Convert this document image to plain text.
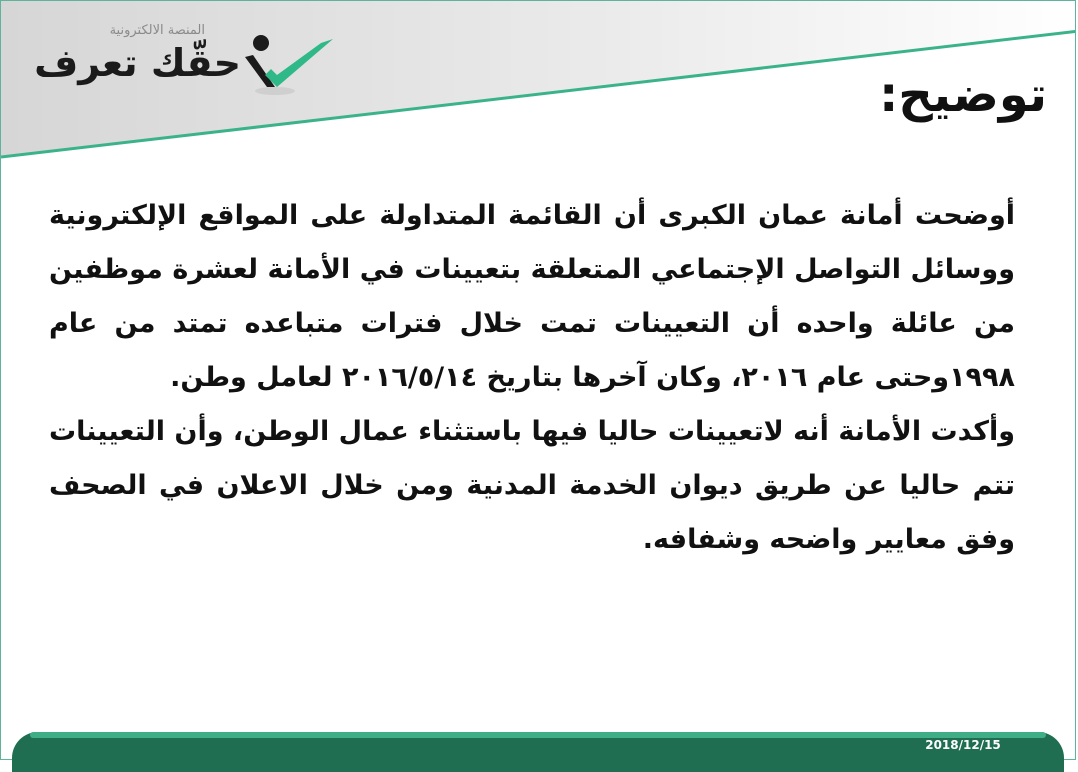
المنصة الالكترونية
حقّك تعرف
توضيح:

أوضحت أمانة عمان الكبرى أن القائمة المتداولة على المواقع الإلكترونية ووسائل التواصل الإجتماعي المتعلقة بتعيينات في الأمانة لعشرة موظفين من عائلة واحده أن التعيينات تمت خلال فترات متباعده تمتد من عام ١٩٩٨وحتى عام ٢٠١٦، وكان آخرها بتاريخ ٢٠١٦/٥/١٤ لعامل وطن.

وأكدت الأمانة أنه لاتعيينات حاليا فيها باستثناء عمال الوطن، وأن التعيينات تتم حاليا عن طريق ديوان الخدمة المدنية ومن خلال الاعلان في الصحف وفق معايير واضحه وشفافه.

2018/12/15
